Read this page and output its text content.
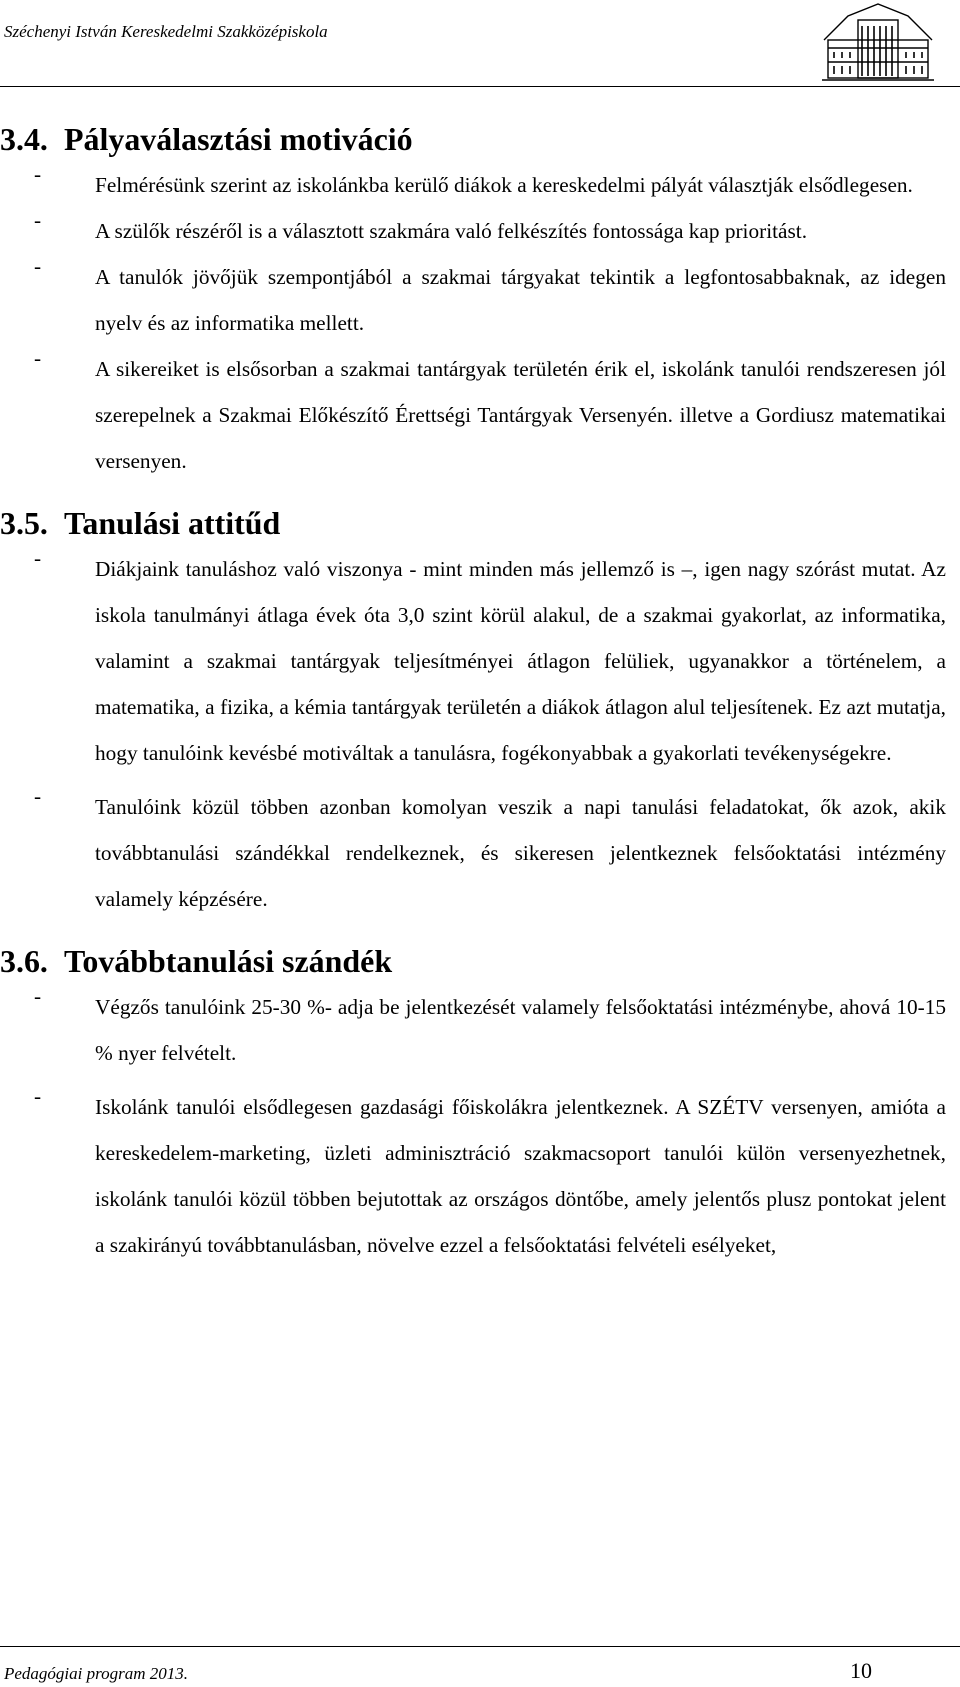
Széchenyi István Kereskedelmi Szakközépiskola
3.4. Pályaválasztási motiváció
-	Felmérésünk szerint az iskolánkba kerülő diákok a kereskedelmi pályát választják elsődlegesen.
-	A szülők részéről is a választott szakmára való felkészítés fontossága kap prioritást.
-	A tanulók jövőjük szempontjából a szakmai tárgyakat tekintik a legfontosabbaknak, az idegen nyelv és az informatika mellett.
-	A sikereiket is elsősorban a szakmai tantárgyak területén érik el, iskolánk tanulói rendszeresen jól szerepelnek a Szakmai Előkészítő Érettségi Tantárgyak Versenyén. illetve a Gordiusz matematikai versenyen.
3.5. Tanulási attitűd
-	Diákjaink tanuláshoz való viszonya - mint minden más jellemző is –, igen nagy szórást mutat. Az iskola tanulmányi átlaga évek óta 3,0 szint körül alakul, de a szakmai gyakorlat, az informatika, valamint a szakmai tantárgyak teljesítményei átlagon felüliek, ugyanakkor a történelem, a matematika, a fizika, a kémia tantárgyak területén a diákok átlagon alul teljesítenek. Ez azt mutatja, hogy tanulóink kevésbé motiváltak a tanulásra, fogékonyabbak a gyakorlati tevékenységekre.
-	Tanulóink közül többen azonban komolyan veszik a napi tanulási feladatokat, ők azok, akik továbbtanulási szándékkal rendelkeznek, és sikeresen jelentkeznek felsőoktatási intézmény valamely képzésére.
3.6. Továbbtanulási szándék
-	Végzős tanulóink 25-30 %- adja be jelentkezését valamely felsőoktatási intézménybe, ahová 10-15 % nyer felvételt.
-	Iskolánk tanulói elsődlegesen gazdasági főiskolákra jelentkeznek. A SZÉTV versenyen, amióta a kereskedelem-marketing, üzleti adminisztráció szakmacsoport tanulói külön versenyezhetnek, iskolánk tanulói közül többen bejutottak az országos döntőbe, amely jelentős plusz pontokat jelent a szakirányú továbbtanulásban, növelve ezzel a felsőoktatási felvételi esélyeket,
Pedagógiai program 2013.	10
